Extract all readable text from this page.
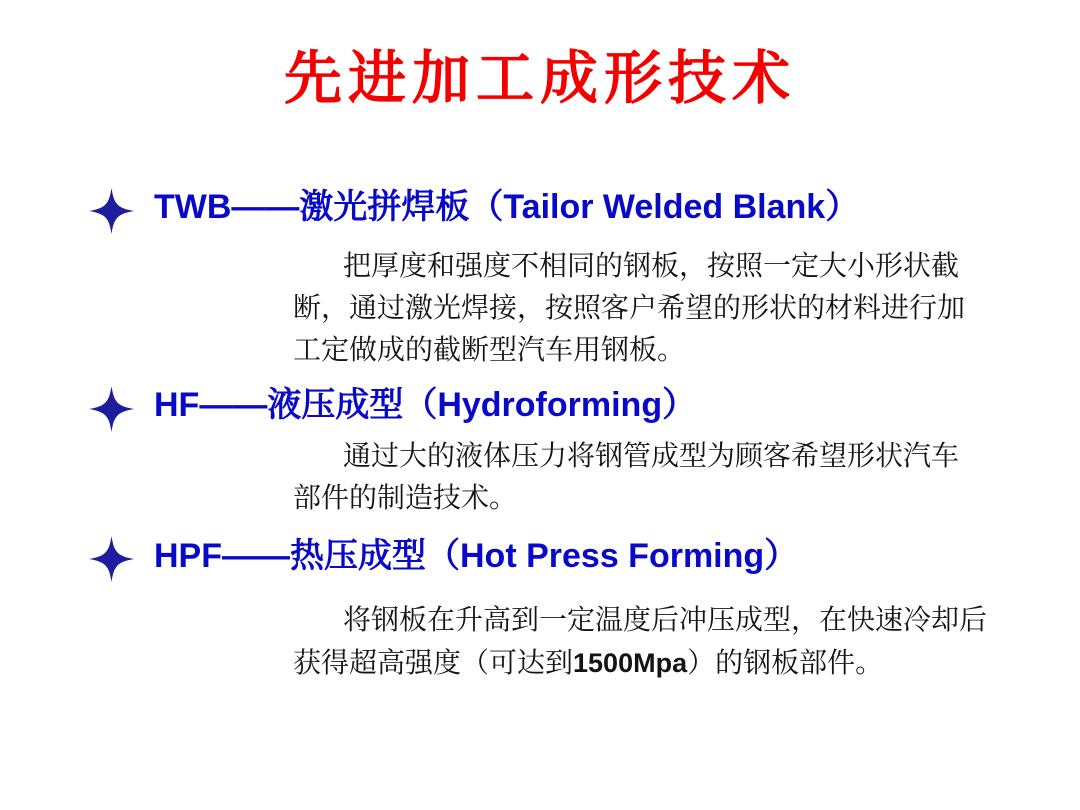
先进加工成形技术
TWB——激光拼焊板（Tailor Welded Blank）
把厚度和强度不相同的钢板，按照一定大小形状截
断，通过激光焊接，按照客户希望的形状的材料进行加
工定做成的截断型汽车用钢板。
HF——液压成型（Hydroforming）
通过大的液体压力将钢管成型为顾客希望形状汽车
部件的制造技术。
HPF——热压成型（Hot Press Forming）
将钢板在升高到一定温度后冲压成型，在快速冷却后
获得超高强度（可达到1500Mpa）的钢板部件。
